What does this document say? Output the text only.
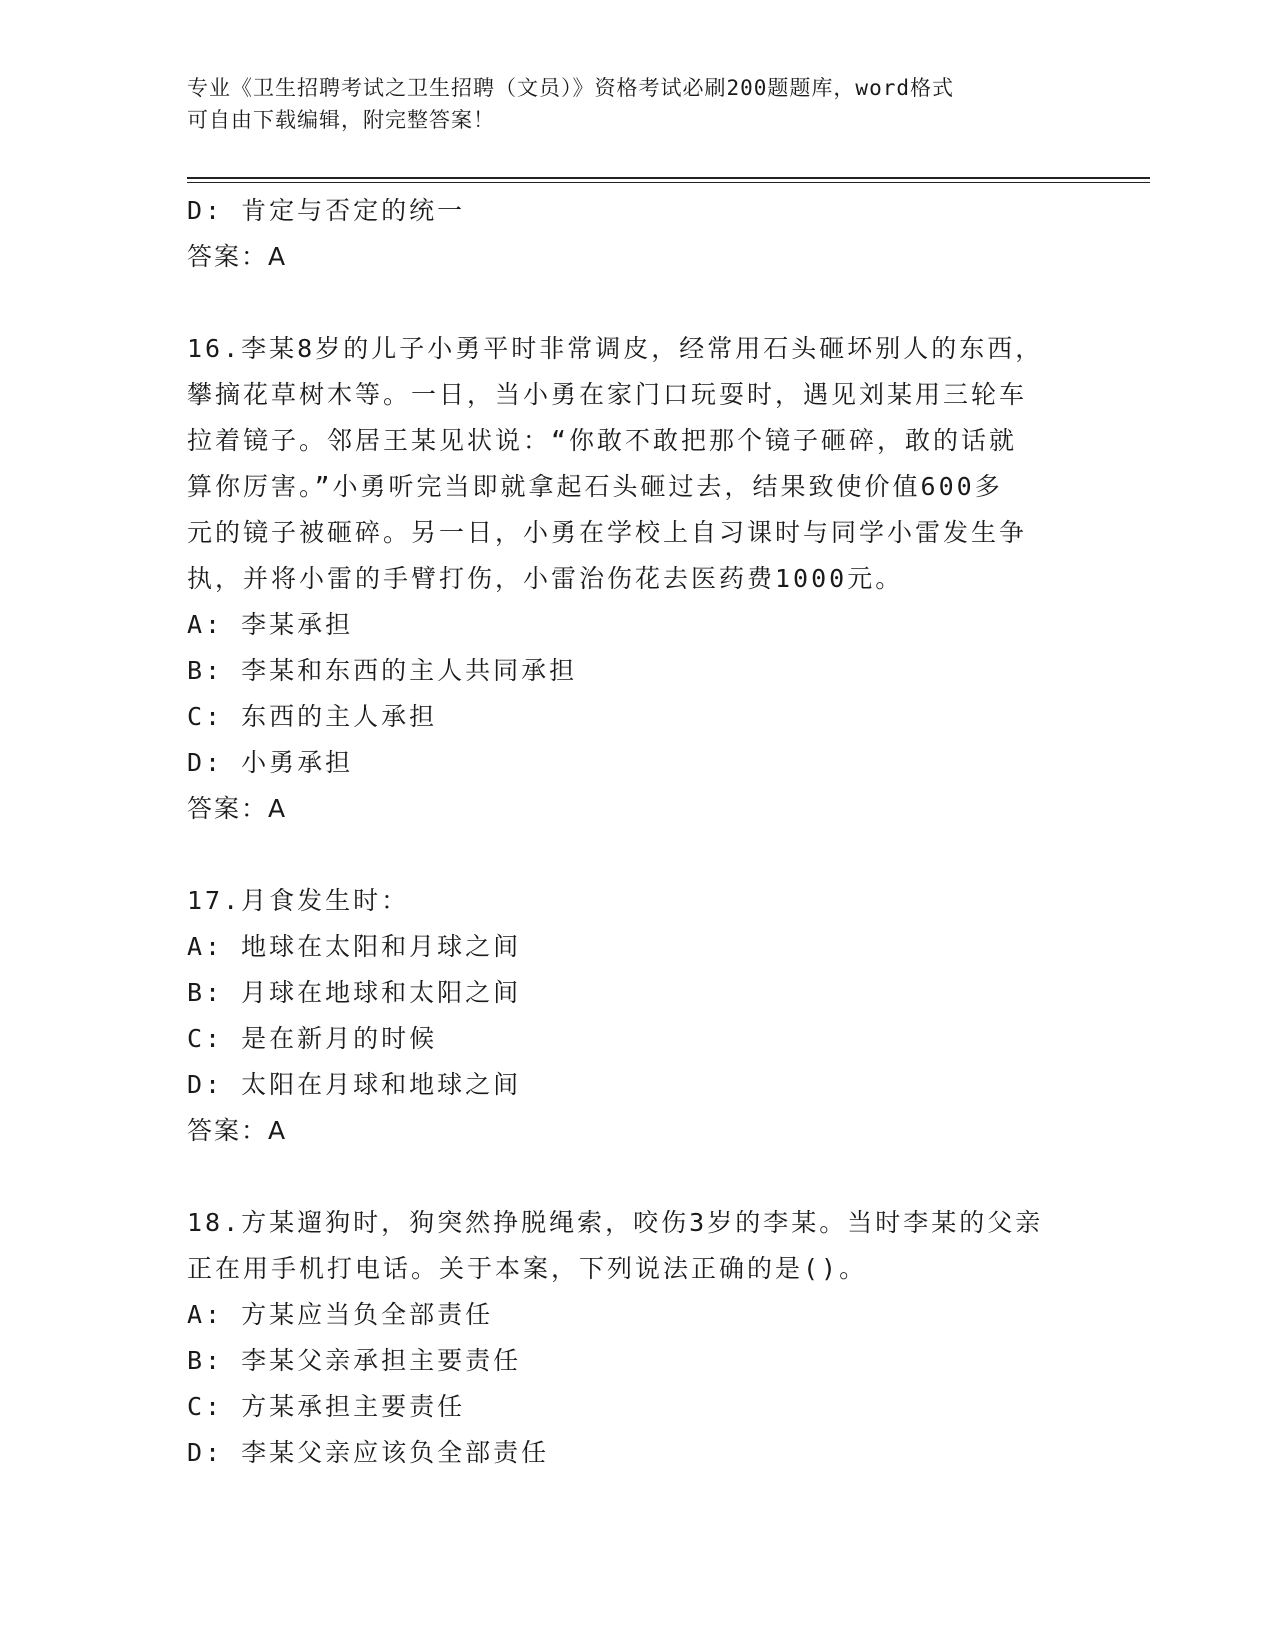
专业《卫生招聘考试之卫生招聘（文员）》资格考试必刷200题题库，word格式
可自由下载编辑，附完整答案！
D: 肯定与否定的统一
答案：A
16.李某8岁的儿子小勇平时非常调皮，经常用石头砸坏别人的东西，
攀摘花草树木等。一日，当小勇在家门口玩耍时，遇见刘某用三轮车
拉着镜子。邻居王某见状说：“你敢不敢把那个镜子砸碎，敢的话就
算你厉害。”小勇听完当即就拿起石头砸过去，结果致使价值600多
元的镜子被砸碎。另一日，小勇在学校上自习课时与同学小雷发生争
执，并将小雷的手臂打伤，小雷治伤花去医药费1000元。
A: 李某承担
B: 李某和东西的主人共同承担
C: 东西的主人承担
D: 小勇承担
答案：A
17.月食发生时：
A: 地球在太阳和月球之间
B: 月球在地球和太阳之间
C: 是在新月的时候
D: 太阳在月球和地球之间
答案：A
18.方某遛狗时，狗突然挣脱绳索，咬伤3岁的李某。当时李某的父亲
正在用手机打电话。关于本案，下列说法正确的是()。
A: 方某应当负全部责任
B: 李某父亲承担主要责任
C: 方某承担主要责任
D: 李某父亲应该负全部责任
